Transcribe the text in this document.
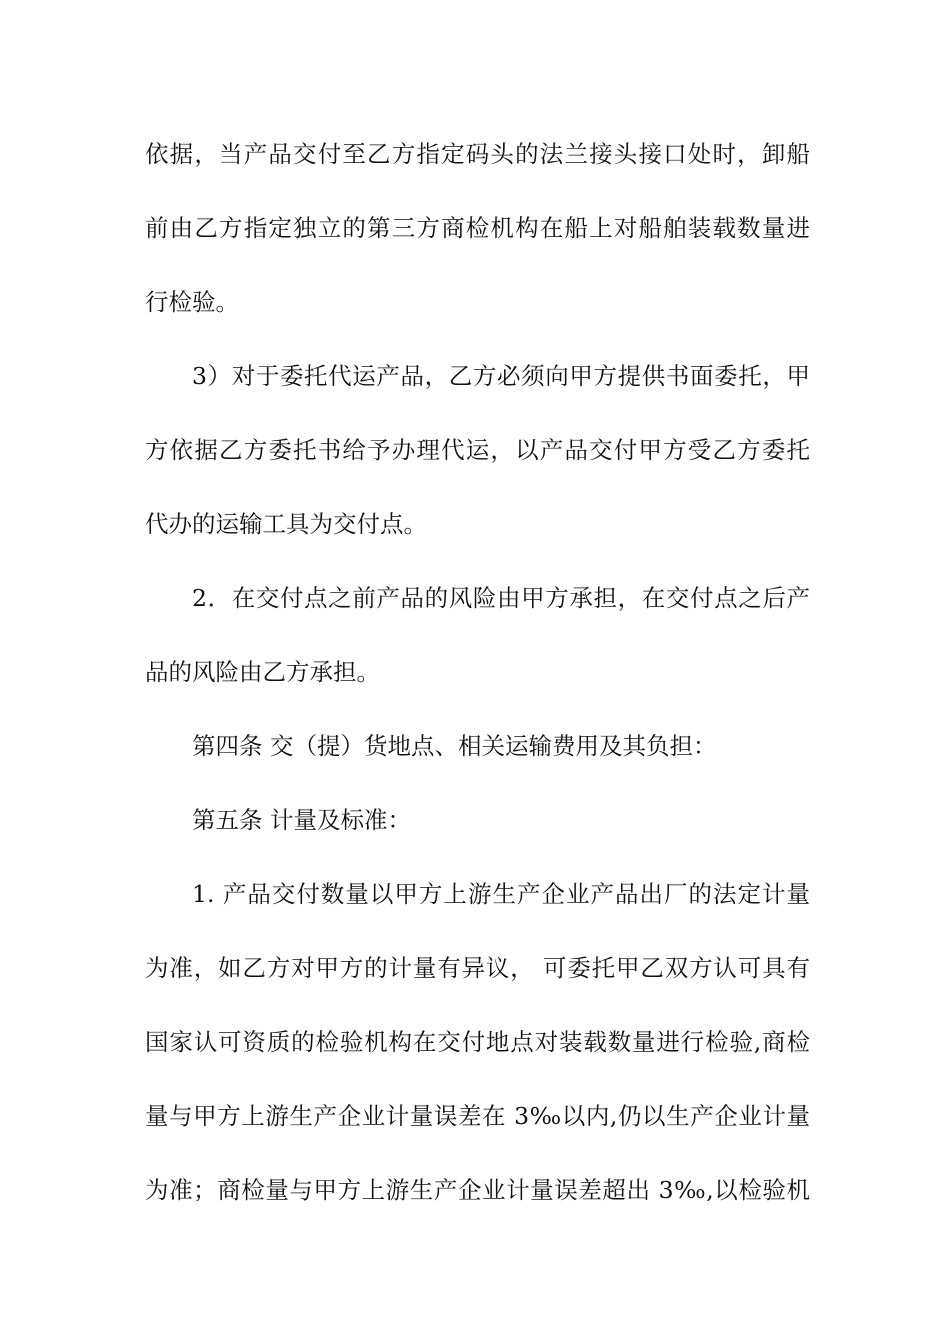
依据，当产品交付至乙方指定码头的法兰接头接口处时，卸船
前由乙方指定独立的第三方商检机构在船上对船舶装载数量进
行检验。
3）对于委托代运产品，乙方必须向甲方提供书面委托，甲
方依据乙方委托书给予办理代运，以产品交付甲方受乙方委托
代办的运输工具为交付点。
2．在交付点之前产品的风险由甲方承担，在交付点之后产
品的风险由乙方承担。
第四条 交（提）货地点、相关运输费用及其负担：
第五条 计量及标准：
1. 产品交付数量以甲方上游生产企业产品出厂的法定计量
为准，如乙方对甲方的计量有异议， 可委托甲乙双方认可具有
国家认可资质的检验机构在交付地点对装载数量进行检验,商检
量与甲方上游生产企业计量误差在 3‰以内,仍以生产企业计量
为准；商检量与甲方上游生产企业计量误差超出 3‰,以检验机
